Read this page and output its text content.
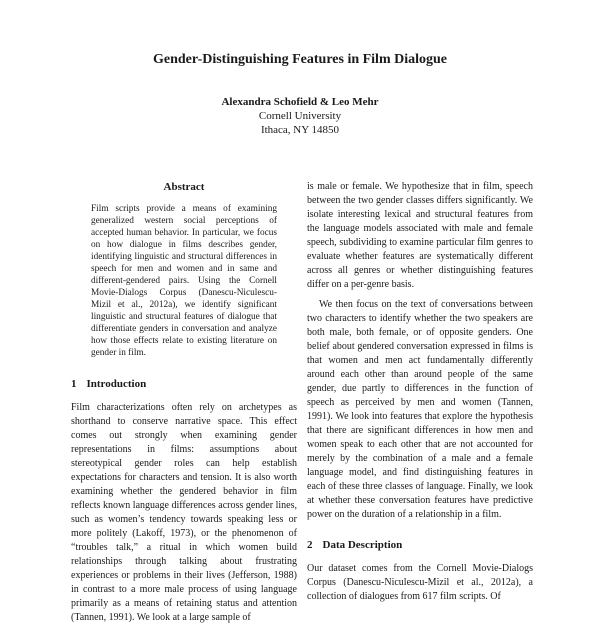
Gender-Distinguishing Features in Film Dialogue
Alexandra Schofield & Leo Mehr
Cornell University
Ithaca, NY 14850
Abstract

Film scripts provide a means of examining generalized western social perceptions of accepted human behavior. In particular, we focus on how dialogue in films describes gender, identifying linguistic and structural differences in speech for men and women and in same and different-gendered pairs. Using the Cornell Movie-Dialogs Corpus (Danescu-Niculescu-Mizil et al., 2012a), we identify significant linguistic and structural features of dialogue that differentiate genders in conversation and analyze how those effects relate to existing literature on gender in film.

1 Introduction

Film characterizations often rely on archetypes as shorthand to conserve narrative space. This effect comes out strongly when examining gender representations in films: assumptions about stereotypical gender roles can help establish expectations for characters and tension. It is also worth examining whether the gendered behavior in film reflects known language differences across gender lines, such as women’s tendency towards speaking less or more politely (Lakoff, 1973), or the phenomenon of “troubles talk,” a ritual in which women build relationships through talking about frustrating experiences or problems in their lives (Jefferson, 1988) in contrast to a more male process of using language primarily as a means of retaining status and attention (Tannen, 1991). We look at a large sample of

is male or female. We hypothesize that in film, speech between the two gender classes differs significantly. We isolate interesting lexical and structural features from the language models associated with male and female speech, subdividing to examine particular film genres to evaluate whether features are systematically different across all genres or whether distinguishing features differ on a per-genre basis.

We then focus on the text of conversations between two characters to identify whether the two speakers are both male, both female, or of opposite genders. One belief about gendered conversation expressed in films is that women and men act fundamentally differently around each other than around people of the same gender, due partly to differences in the function of speech as perceived by men and women (Tannen, 1991). We look into features that explore the hypothesis that there are significant differences in how men and women speak to each other that are not accounted for merely by the combination of a male and a female language model, and find distinguishing features in each of these three classes of language. Finally, we look at whether these conversation features have predictive power on the duration of a relationship in a film.

2 Data Description

Our dataset comes from the Cornell Movie-Dialogs Corpus (Danescu-Niculescu-Mizil et al., 2012a), a collection of dialogues from 617 film scripts. Of
